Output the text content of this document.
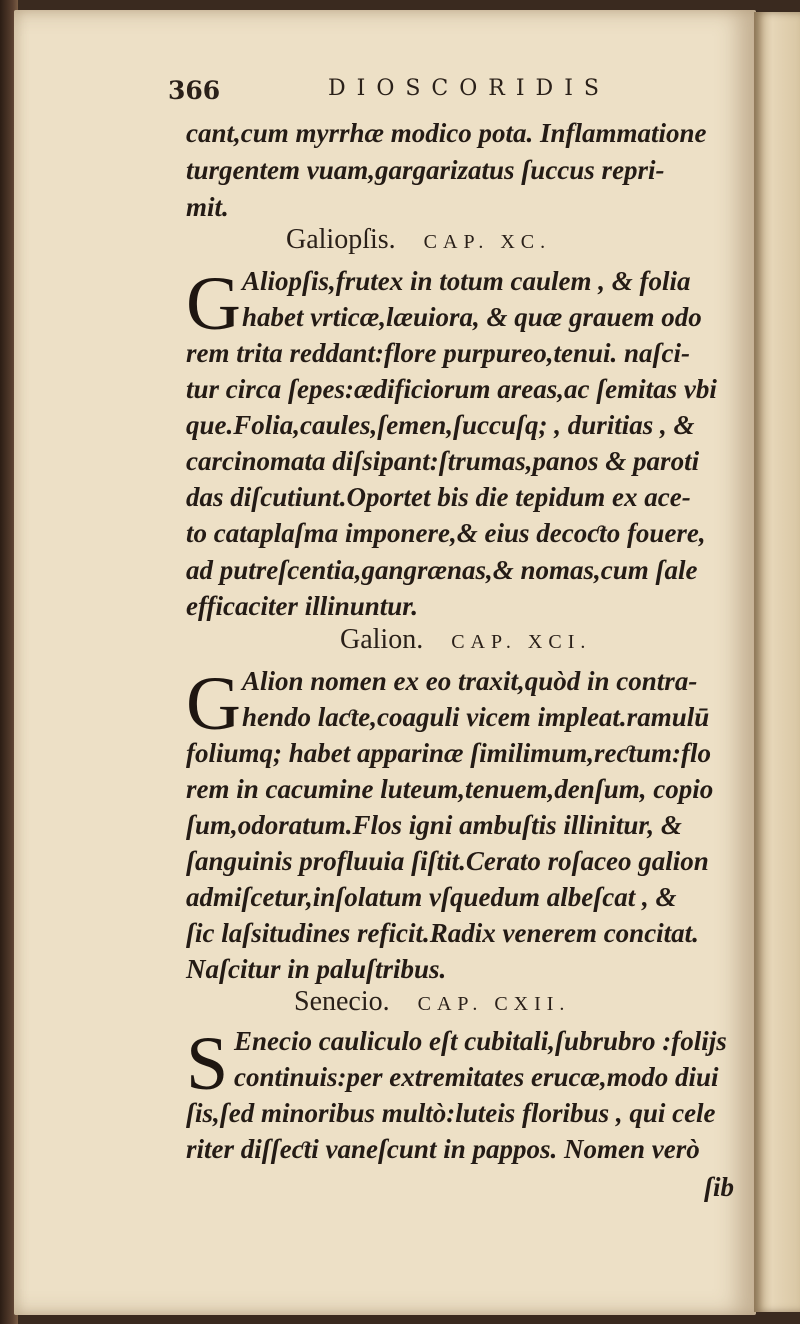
366	DIOSCORIDIS
cant,cum myrrhæ modico pota. Inflammatione
turgentem vuam,gargarizatus ſuccus repri-
mit.
Galiopſis. CAP. XC.
G Aliopſis,frutex in totum caulem , & folia
habet vrticæ,læuiora, & quæ grauem odo
rem trita reddant:flore purpureo,tenui. naſci-
tur circa ſepes:ædificiorum areas,ac ſemitas vbi
que.Folia,caules,ſemen,ſuccuſq; , duritias , &
carcinomata diſsipant:ſtrumas,panos & paroti
das diſcutiunt.Oportet bis die tepidum ex ace-
to cataplaſma imponere,& eius decoƈto fouere,
ad putreſcentia,gangrænas,& nomas,cum ſale
efficaciter illinuntur.
Galion. CAP. XCI.
G Alion nomen ex eo traxit,quòd in contra-
hendo laƈte,coaguli vicem impleat.ramulū
foliumq; habet apparinæ ſimilimum,reƈtum:flo
rem in cacumine luteum,tenuem,denſum, copio
ſum,odoratum.Flos igni ambuſtis illinitur, &
ſanguinis profluuia ſiſtit.Cerato roſaceo galion
admiſcetur,inſolatum vſquedum albeſcat , &
ſic laſsitudines reficit.Radix venerem concitat.
Naſcitur in paluſtribus.
Senecio. CAP. CXII.
S Enecio cauliculo eſt cubitali,ſubrubro :folijs
continuis:per extremitates erucæ,modo diui
ſis,ſed minoribus multò:luteis floribus , qui cele
riter diſſeƈti vaneſcunt in pappos. Nomen verò
ſib
